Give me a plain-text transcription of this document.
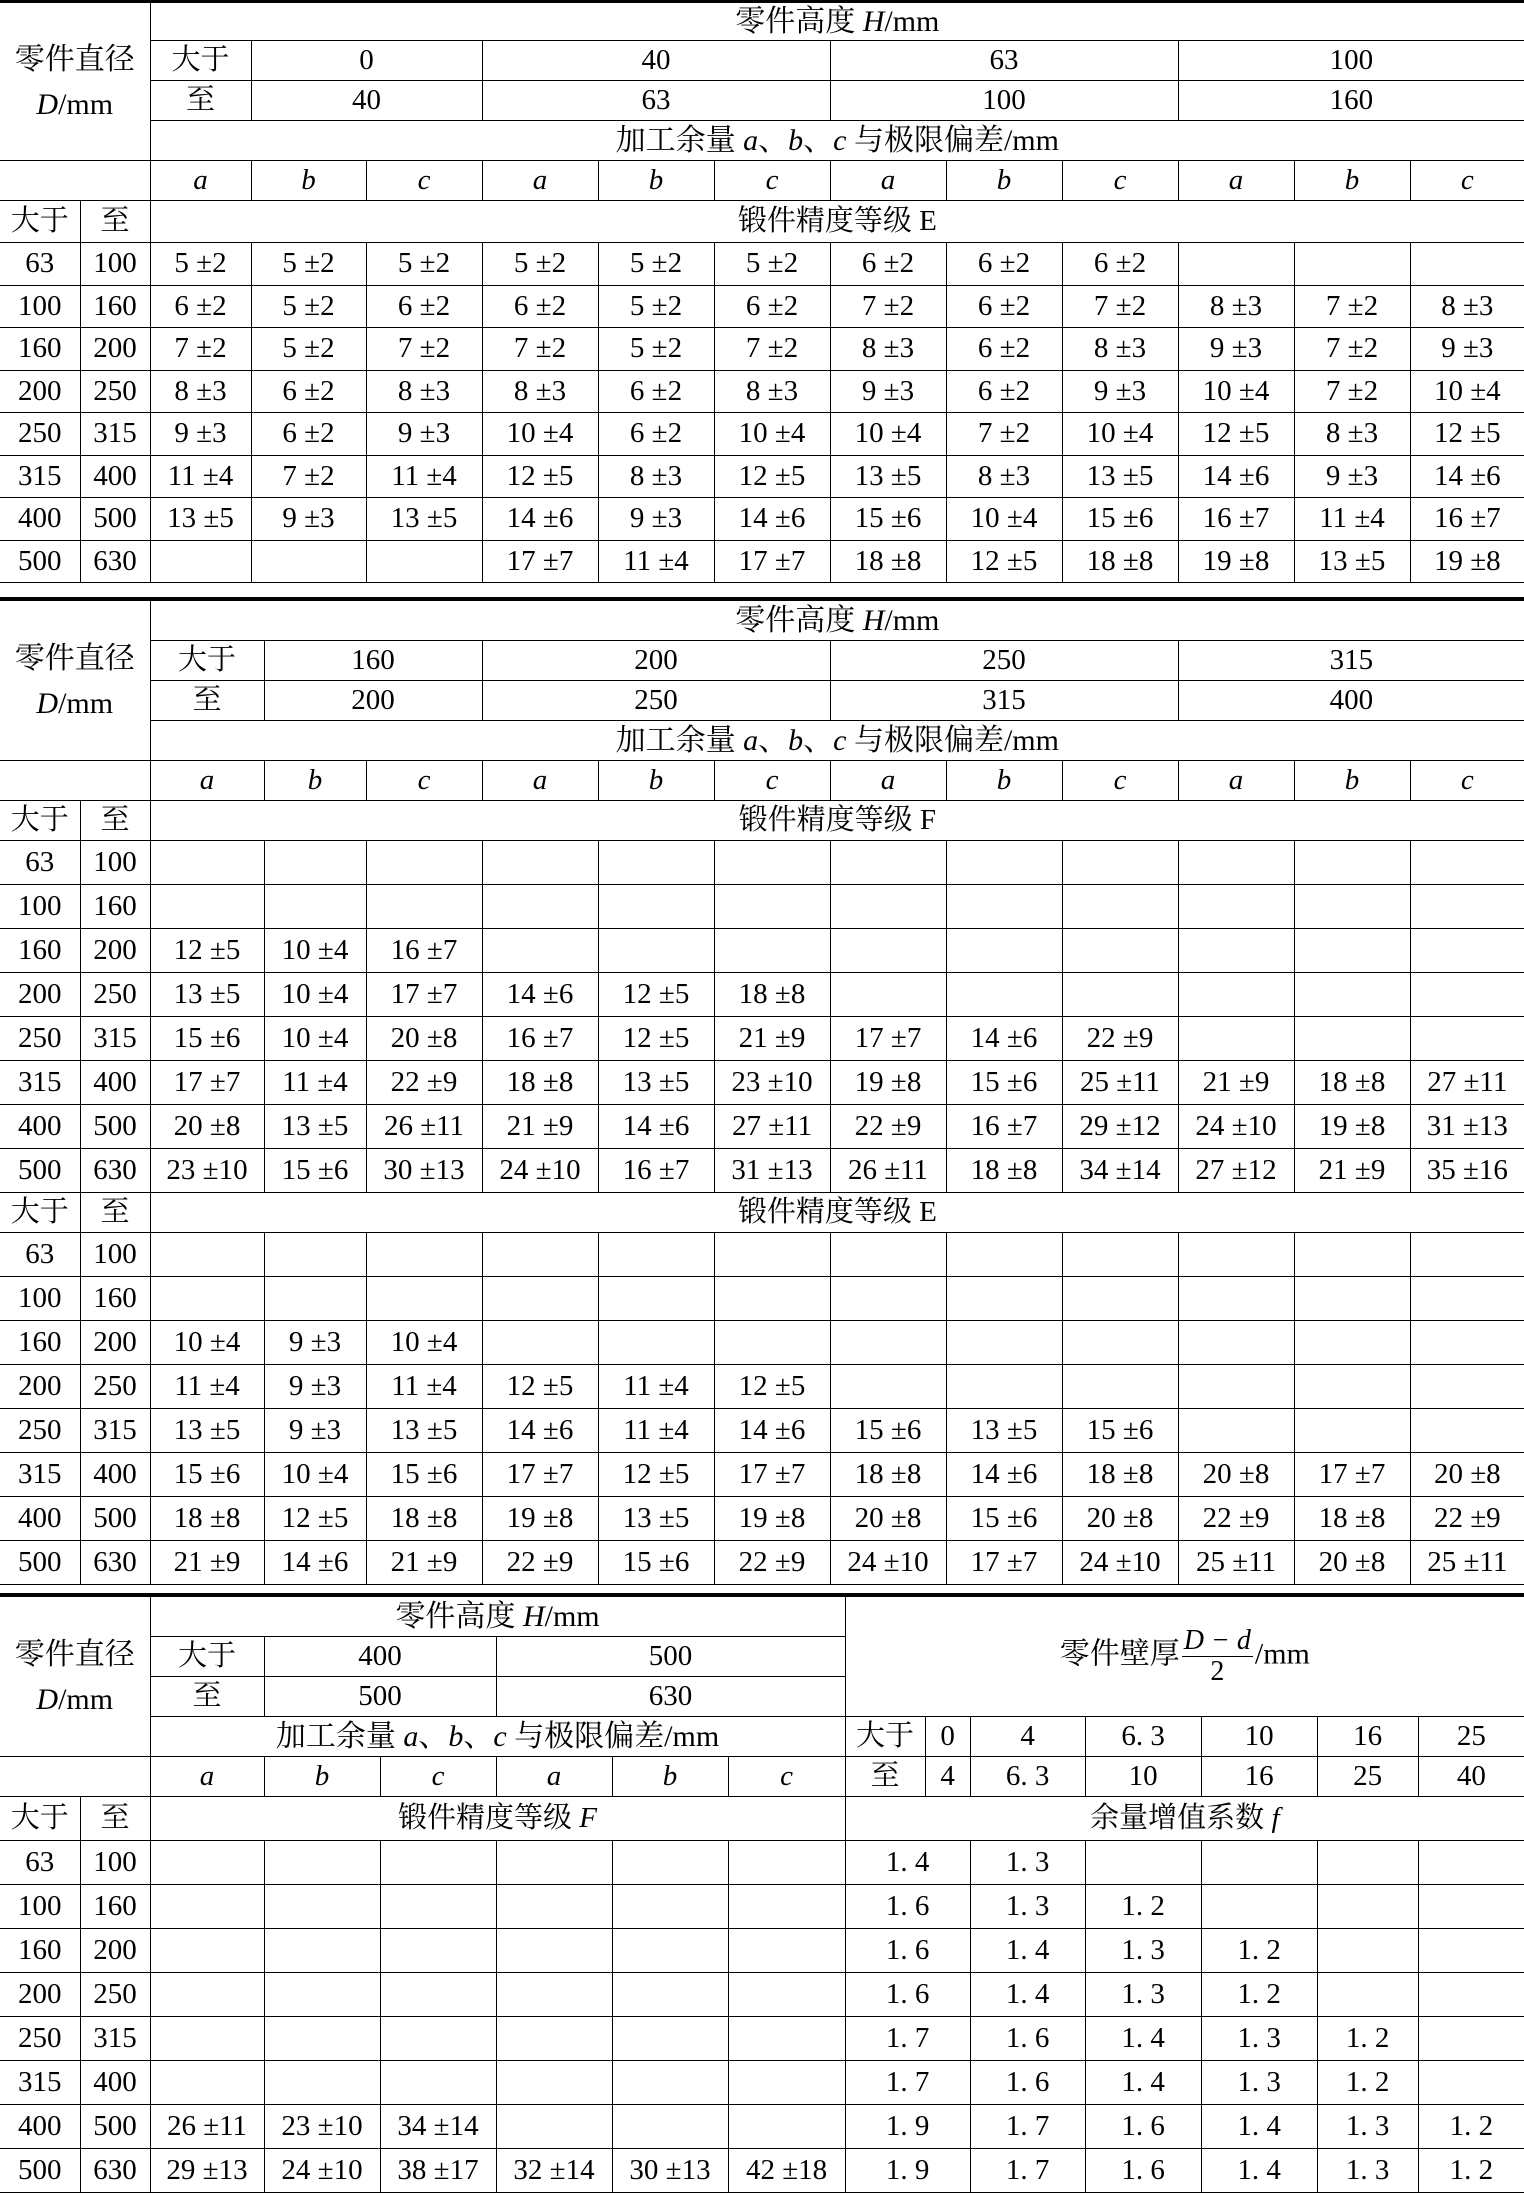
零件直径
D/mm		零件高度 H/mm											
		大于	0		40			63			100		
		至	40		63			100			160		
		加工余量 a、b、c 与极限偏差/mm											
		a	b	c	a	b	c	a	b	c	a	b	c
大于	至	锻件精度等级 E											
63	100	5 ±2	5 ±2	5 ±2	5 ±2	5 ±2	5 ±2	6 ±2	6 ±2	6 ±2			
100	160	6 ±2	5 ±2	6 ±2	6 ±2	5 ±2	6 ±2	7 ±2	6 ±2	7 ±2	8 ±3	7 ±2	8 ±3
160	200	7 ±2	5 ±2	7 ±2	7 ±2	5 ±2	7 ±2	8 ±3	6 ±2	8 ±3	9 ±3	7 ±2	9 ±3
200	250	8 ±3	6 ±2	8 ±3	8 ±3	6 ±2	8 ±3	9 ±3	6 ±2	9 ±3	10 ±4	7 ±2	10 ±4
250	315	9 ±3	6 ±2	9 ±3	10 ±4	6 ±2	10 ±4	10 ±4	7 ±2	10 ±4	12 ±5	8 ±3	12 ±5
315	400	11 ±4	7 ±2	11 ±4	12 ±5	8 ±3	12 ±5	13 ±5	8 ±3	13 ±5	14 ±6	9 ±3	14 ±6
400	500	13 ±5	9 ±3	13 ±5	14 ±6	9 ±3	14 ±6	15 ±6	10 ±4	15 ±6	16 ±7	11 ±4	16 ±7
500	630				17 ±7	11 ±4	17 ±7	18 ±8	12 ±5	18 ±8	19 ±8	13 ±5	19 ±8
零件直径
D/mm		零件高度 H/mm											
		大于	160		200			250			315		
		至	200		250			315			400		
		加工余量 a、b、c 与极限偏差/mm											
		a	b	c	a	b	c	a	b	c	a	b	c
大于	至	锻件精度等级 F											
63	100												
100	160												
160	200	12 ±5	10 ±4	16 ±7									
200	250	13 ±5	10 ±4	17 ±7	14 ±6	12 ±5	18 ±8						
250	315	15 ±6	10 ±4	20 ±8	16 ±7	12 ±5	21 ±9	17 ±7	14 ±6	22 ±9			
315	400	17 ±7	11 ±4	22 ±9	18 ±8	13 ±5	23 ±10	19 ±8	15 ±6	25 ±11	21 ±9	18 ±8	27 ±11
400	500	20 ±8	13 ±5	26 ±11	21 ±9	14 ±6	27 ±11	22 ±9	16 ±7	29 ±12	24 ±10	19 ±8	31 ±13
500	630	23 ±10	15 ±6	30 ±13	24 ±10	16 ±7	31 ±13	26 ±11	18 ±8	34 ±14	27 ±12	21 ±9	35 ±16
大于	至	锻件精度等级 E											
63	100												
100	160												
160	200	10 ±4	9 ±3	10 ±4									
200	250	11 ±4	9 ±3	11 ±4	12 ±5	11 ±4	12 ±5						
250	315	13 ±5	9 ±3	13 ±5	14 ±6	11 ±4	14 ±6	15 ±6	13 ±5	15 ±6			
315	400	15 ±6	10 ±4	15 ±6	17 ±7	12 ±5	17 ±7	18 ±8	14 ±6	18 ±8	20 ±8	17 ±7	20 ±8
400	500	18 ±8	12 ±5	18 ±8	19 ±8	13 ±5	19 ±8	20 ±8	15 ±6	20 ±8	22 ±9	18 ±8	22 ±9
500	630	21 ±9	14 ±6	21 ±9	22 ±9	15 ±6	22 ±9	24 ±10	17 ±7	24 ±10	25 ±11	20 ±8	25 ±11
零件直径
D/mm		零件高度 H/mm						零件壁厚 $\frac{D - d}{2} /mm$						
		大于	400		500									
		至	500		630									
		加工余量 a、b、c 与极限偏差/mm						大于	0	4	6. 3	10	16	25
		a	b	c	a	b	c	至	4	6. 3	10	16	25	40
大于	至	锻件精度等级 F						余量增值系数 f						
63	100							1. 4		1. 3				
100	160							1. 6		1. 3	1. 2			
160	200							1. 6		1. 4	1. 3	1. 2		
200	250							1. 6		1. 4	1. 3	1. 2		
250	315							1. 7		1. 6	1. 4	1. 3	1. 2	
315	400							1. 7		1. 6	1. 4	1. 3	1. 2	
400	500	26 ±11	23 ±10	34 ±14				1. 9		1. 7	1. 6	1. 4	1. 3	1. 2
500	630	29 ±13	24 ±10	38 ±17	32 ±14	30 ±13	42 ±18	1. 9		1. 7	1. 6	1. 4	1. 3	1. 2
